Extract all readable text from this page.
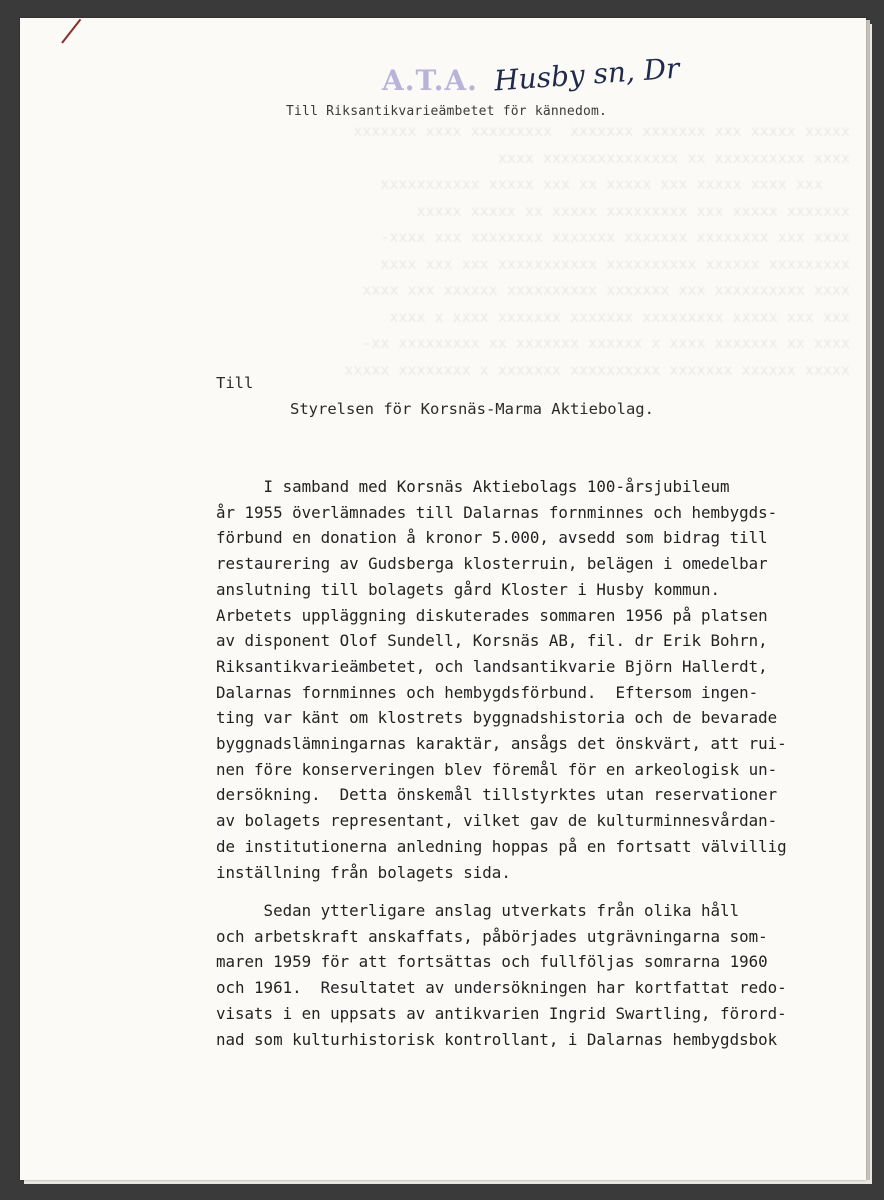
xxxxx xxxxx xxx xxxxxxx xxxxxxx  xxxxxxxxx xxxx xxxxxxx
xxxx xxxxxxxxxx xx xxxxxxxxxxxxxxx xxxx
xxx xxxx xxxxx xxx xxxxx xx xxx xxxxx xxxxxxxxxxx
xxxxxxx xxxxx xxx xxxxxxxxx xxxxx xx xxxxx xxxxx
xxxx xxx xxxxxxxx xxxxxxx xxxxxxx xxxxxxxx xxx xxxx-
xxxxxxxxx xxxxxx xxxxxxxxxx xxxxxxxxxxx xxx xxx xxxx
xxxx xxxxxxxxxx xxx xxxxxxx xxxxxxxxxx xxxxxx xxx xxxx
xxx xxx xxxxx xxxxxxxxx xxxxxxx xxxxxxx xxxx x xxxx
xxxx xx xxxxxxx xxxx x xxxxxx xxxxxxx xx xxxxxxxxx xx-
xxxxx xxxxxx xxxxxxx xxxxxxxxxx xxxxxxx x xxxxxxxx xxxxx
A.T.A. Husby sn, Dr
Till Riksantikvarieämbetet för kännedom.
Till
Styrelsen för Korsnäs-Marma Aktiebolag.
I samband med Korsnäs Aktiebolags 100-årsjubileum
år 1955 överlämnades till Dalarnas fornminnes och hembygds-
förbund en donation å kronor 5.000, avsedd som bidrag till
restaurering av Gudsberga klosterruin, belägen i omedelbar
anslutning till bolagets gård Kloster i Husby kommun.
Arbetets uppläggning diskuterades sommaren 1956 på platsen
av disponent Olof Sundell, Korsnäs AB, fil. dr Erik Bohrn,
Riksantikvarieämbetet, och landsantikvarie Björn Hallerdt,
Dalarnas fornminnes och hembygdsförbund.  Eftersom ingen-
ting var känt om klostrets byggnadshistoria och de bevarade
byggnadslämningarnas karaktär, ansågs det önskvärt, att rui-
nen före konserveringen blev föremål för en arkeologisk un-
dersökning.  Detta önskemål tillstyrktes utan reservationer
av bolagets representant, vilket gav de kulturminnesvårdan-
de institutionerna anledning hoppas på en fortsatt välvillig
inställning från bolagets sida.
Sedan ytterligare anslag utverkats från olika håll
och arbetskraft anskaffats, påbörjades utgrävningarna som-
maren 1959 för att fortsättas och fullföljas somrarna 1960
och 1961.  Resultatet av undersökningen har kortfattat redo-
visats i en uppsats av antikvarien Ingrid Swartling, förord-
nad som kulturhistorisk kontrollant, i Dalarnas hembygdsbok
